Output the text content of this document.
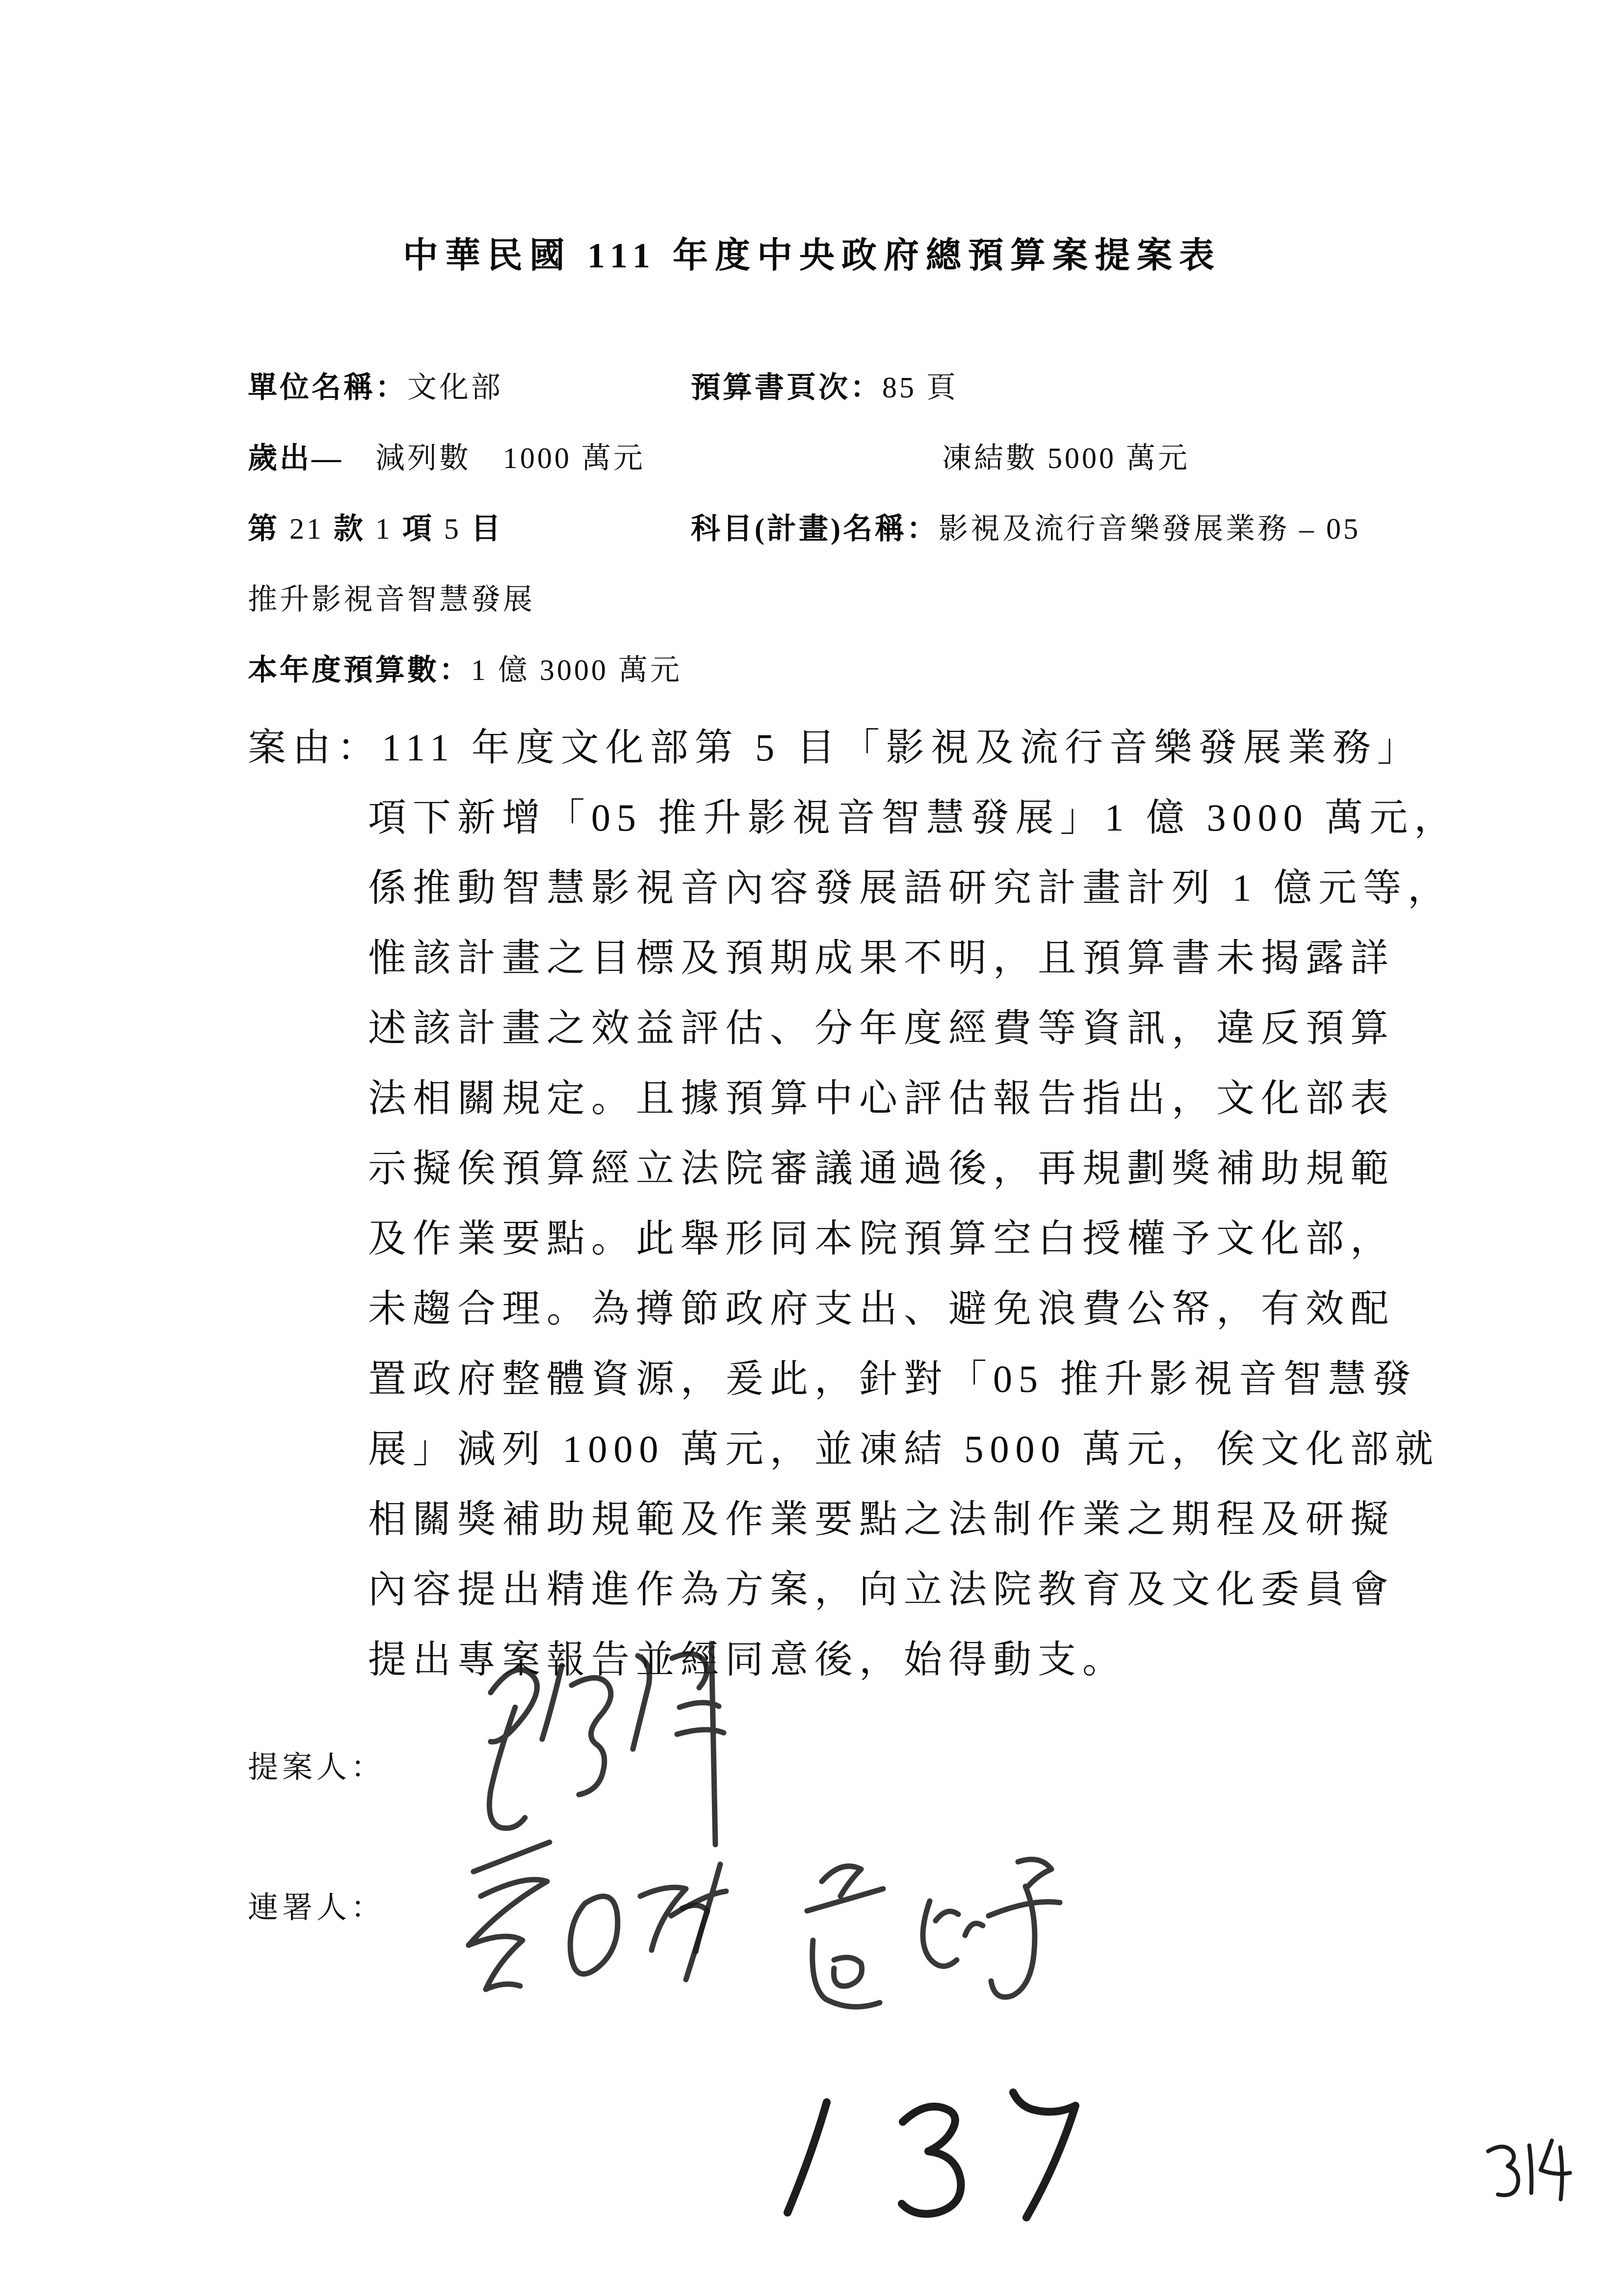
中華民國 111 年度中央政府總預算案提案表
單位名稱：文化部	預算書頁次：85 頁
歲出— 減列數　1000 萬元	凍結數 5000 萬元
第 21 款 1 項 5 目	科目(計畫)名稱：影視及流行音樂發展業務 – 05
推升影視音智慧發展
本年度預算數：1 億 3000 萬元
案由：111 年度文化部第 5 目「影視及流行音樂發展業務」
項下新增「05 推升影視音智慧發展」1 億 3000 萬元，
係推動智慧影視音內容發展語研究計畫計列 1 億元等，
惟該計畫之目標及預期成果不明，且預算書未揭露詳
述該計畫之效益評估、分年度經費等資訊，違反預算
法相關規定。且據預算中心評估報告指出，文化部表
示擬俟預算經立法院審議通過後，再規劃獎補助規範
及作業要點。此舉形同本院預算空白授權予文化部，
未趨合理。為撙節政府支出、避免浪費公帑，有效配
置政府整體資源，爰此，針對「05 推升影視音智慧發
展」減列 1000 萬元，並凍結 5000 萬元，俟文化部就
相關獎補助規範及作業要點之法制作業之期程及研擬
內容提出精進作為方案，向立法院教育及文化委員會
提出專案報告並經同意後，始得動支。
提案人：
連署人：
